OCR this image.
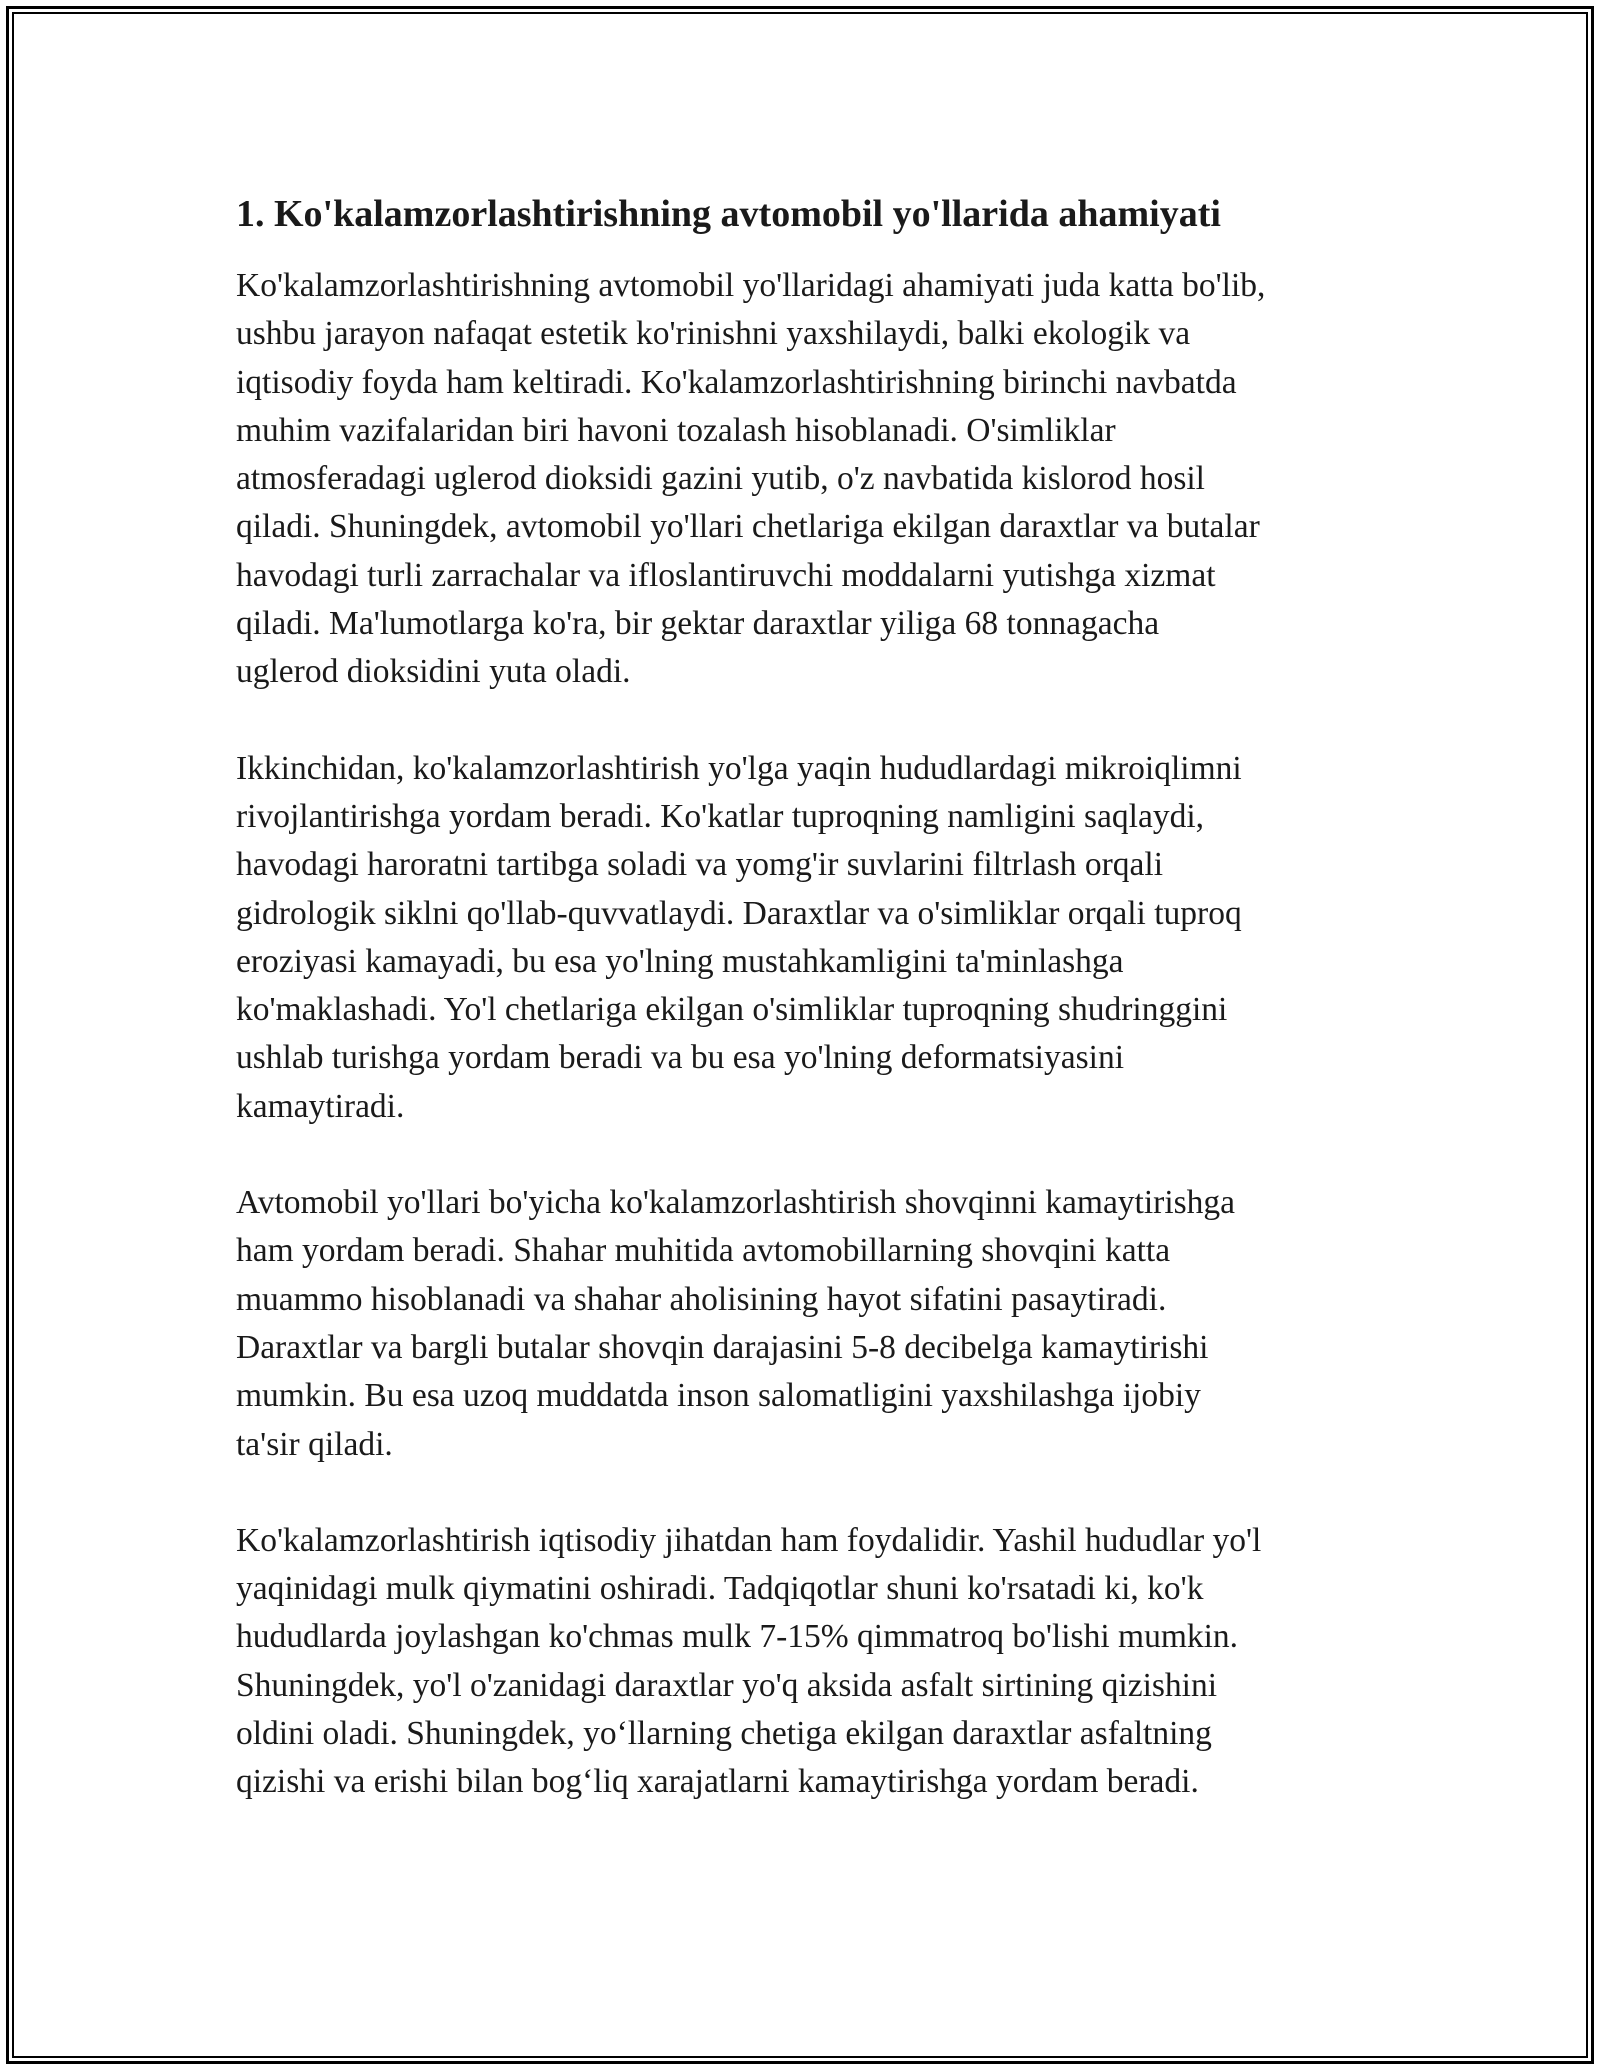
1. Ko'kalamzorlashtirishning avtomobil yo'llarida ahamiyati

Ko'kalamzorlashtirishning avtomobil yo'llaridagi ahamiyati juda katta bo'lib,
ushbu jarayon nafaqat estetik ko'rinishni yaxshilaydi, balki ekologik va
iqtisodiy foyda ham keltiradi. Ko'kalamzorlashtirishning birinchi navbatda
muhim vazifalaridan biri havoni tozalash hisoblanadi. O'simliklar
atmosferadagi uglerod dioksidi gazini yutib, o'z navbatida kislorod hosil
qiladi. Shuningdek, avtomobil yo'llari chetlariga ekilgan daraxtlar va butalar
havodagi turli zarrachalar va ifloslantiruvchi moddalarni yutishga xizmat
qiladi. Ma'lumotlarga ko'ra, bir gektar daraxtlar yiliga 68 tonnagacha
uglerod dioksidini yuta oladi.

Ikkinchidan, ko'kalamzorlashtirish yo'lga yaqin hududlardagi mikroiqlimni
rivojlantirishga yordam beradi. Ko'katlar tuproqning namligini saqlaydi,
havodagi haroratni tartibga soladi va yomg'ir suvlarini filtrlash orqali
gidrologik siklni qo'llab-quvvatlaydi. Daraxtlar va o'simliklar orqali tuproq
eroziyasi kamayadi, bu esa yo'lning mustahkamligini ta'minlashga
ko'maklashadi. Yo'l chetlariga ekilgan o'simliklar tuproqning shudringgini
ushlab turishga yordam beradi va bu esa yo'lning deformatsiyasini
kamaytiradi.

Avtomobil yo'llari bo'yicha ko'kalamzorlashtirish shovqinni kamaytirishga
ham yordam beradi. Shahar muhitida avtomobillarning shovqini katta
muammo hisoblanadi va shahar aholisining hayot sifatini pasaytiradi.
Daraxtlar va bargli butalar shovqin darajasini 5-8 decibelga kamaytirishi
mumkin. Bu esa uzoq muddatda inson salomatligini yaxshilashga ijobiy
ta'sir qiladi.

Ko'kalamzorlashtirish iqtisodiy jihatdan ham foydalidir. Yashil hududlar yo'l
yaqinidagi mulk qiymatini oshiradi. Tadqiqotlar shuni ko'rsatadi ki, ko'k
hududlarda joylashgan ko'chmas mulk 7-15% qimmatroq bo'lishi mumkin.
Shuningdek, yo'l o'zanidagi daraxtlar yo'q aksida asfalt sirtining qizishini
oldini oladi. Shuningdek, yo‘llarning chetiga ekilgan daraxtlar asfaltning
qizishi va erishi bilan bog‘liq xarajatlarni kamaytirishga yordam beradi.
